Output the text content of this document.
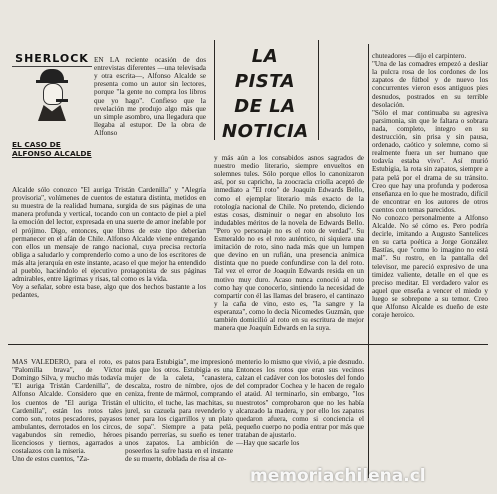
SHERLOCK
EL CASO DE
ALFONSO ALCALDE

EN LA reciente ocasión de dos entrevistas diferentes —una televisada y otra escrita—, Alfonso Alcalde se presenta como un autor sin lectores, porque "la gente no compra los libros que yo hago". Confieso que la revelación me produjo algo más que un simple asombro, una llegadura que llegaba al estupor. De la obra de Alfonso

Alcalde sólo conozco "El auriga Tristán Cardenilla" y "Alegría provisoria", volúmenes de cuentos de estatura distinta, metidos en su muestra de la realidad humana, surgida de sus páginas de una manera profunda y vertical, tocando con un contacto de piel a piel la emoción del lector, expresada en una suerte de amor inefable por el prójimo. Digo, entonces, que libros de este tipo deberían permanecer en el afán de Chile. Alfonso Alcalde viene entregando con ellos un mensaje de rango nacional, cuya precisa rectoría obliga a saludarlo y comprenderlo como a uno de los escritores de más alta jerarquía en este instante, acaso el que mejor ha entendido al pueblo, haciéndolo el ejecutivo protagonista de sus páginas admirables, entre lágrimas y risas, tal como es la vida.
Voy a señalar, sobre esta base, algo que dos hechos bastante a los pedantes,

MAS VALEDERO, para el roto, es "Palomilla brava", de Víctor Domingo Silva, y mucho más todavía "El auriga Tristán Cardenilla", de Alfonso Alcalde. Considero que en los cuentos de "El auriga Tristán Cardenilla", están los rotos tales como son, rotos pescadores, payasos ambulantes, derrotados en los circos, vagabundos sin remedio, héroes licenciosos y tiernos, agarrados a costalazos con la miseria.
Uno de estos cuentos, "Za-

LA PISTA
DE LA
NOTICIA

y más aún a los consabidos asnos sagrados de nuestro medio literario, siempre envueltos en solemnes tules. Sólo porque ellos lo canonizaron así, por su capricho, la zoocracia criolla aceptó de inmediato a "El roto" de Joaquín Edwards Bello, como el ejemplar literario más exacto de la rotología nacional de Chile. No pretendo, diciendo estas cosas, disminuir o negar en absoluto los indudables méritos de la novela de Edwards Bello. "Pero yo personaje no es el roto de verdad". Su Esmeraldo no es el roto auténtico, ni siquiera una imitación de roto, sino nada más que un lumpen que devino en un rufián, una presencia anímica distinta que no puede confundirse con la del roto. Tal vez el error de Joaquín Edwards resida en un motivo muy duro. Acaso nunca conoció al roto como hay que conocerlo, sintiendo la necesidad de compartir con él las llamas del brasero, el cantinazo y la caña de vino, esto es, "la sangre y la esperanza", como lo decía Nicomedes Guzmán, que también domicilió al roto en su escritura de mejor manera que Joaquín Edwards en la suya.

patos para Estubigia", me impresionó más que los otros. Estubigia es una mujer de la caleta, "canastera, descalza, rostro de nímbre, ojos de ceniza, frente de mármol, comprando el ulticito, el tuche, las machitas, su jurel, su cazuela para revenderlo y tener para los cigarrillos y un plato de sopa". Siempre a pata pelá, pisando perrerías, su sueño es tener unos zapatos. La ambición de poseerlos la sufre hasta en el instante de su muerte, doblada de risa al ce-

menterio lo mismo que vivió, a pie desnudo. Entonces los rotos que eran sus vecinos calzan el cadáver con los botosles del fondo del comprador Cochea y le hacen de regalo el ataúd. Al terminarlo, sin embargo, "los nuestrotos" comprobaron que no les había alcanzado la madera, y por ello los zapatos quedaron afuera, como si conciencia el pequeño cuerpo no podía entrar por más que trataban de ajustarlo.
—Hay que sacarle los

chuteadores —dijo el carpintero.
"Una de las comadres empezó a desliar la pulcra rosa de los cordones de los zapatos de fútbol y de nuevo los concurrentes vieron esos antiguos pies desnudos, postrados en su terrible desolación.
"Sólo el mar continuaba su agresiva parsimonia, sin que le faltara o sobrara nada, completo, íntegro en su destrucción, sin prisa y sin pausa, ordenado, caótico y solemne, como si realmente fuera un ser humano que todavía estaba vivo". Así murió Estubigia, la rota sin zapatos, siempre a pata pelá por el drama de su tránsito. Creo que hay una profunda y poderosa enseñanza en lo que he mostrado, difícil de encontrar en los autores de otros cuentos con temas parecidos.
No conozco personalmente a Alfonso Alcalde. No sé cómo es. Pero podría decirle, imitando a Augusto Santelices en su carta poética a Jorge González Bastías, que "como lo imagino no está mal". Su rostro, en la pantalla del televisor, me pareció expresivo de una timidez valiente, detalle en el que es preciso meditar. El verdadero valor es aquel que enseña a vencer el miedo y luego se sobrepone a su temor. Creo que Alfonso Alcalde es dueño de este coraje heroico.

memoriachilena.cl
